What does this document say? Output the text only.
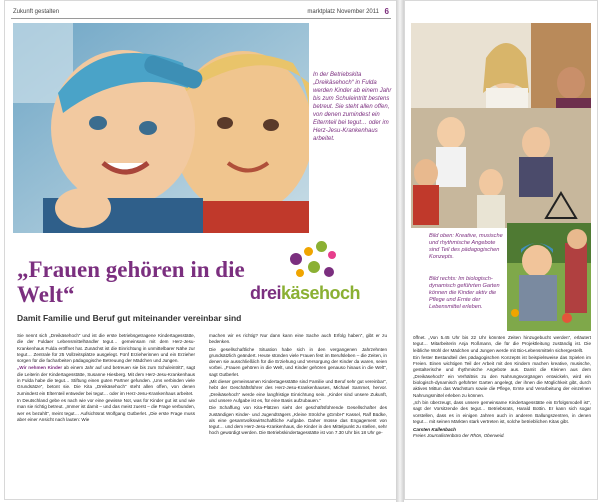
Zukunft gestalten	marktplatz November 2011 6
In der Betriebskita „Dreikäsehoch“ in Fulda werden Kinder ab einem Jahr bis zum Schuleintritt bestens betreut. Sie steht allen offen, von denen zumindest ein Elternteil bei tegut… oder im Herz-Jesu-Krankenhaus arbeitet.
dreikäsehoch
„Frauen gehören in die Welt“
Damit Familie und Beruf gut miteinander vereinbar sind

Sie nennt sich „Dreikäsehoch“ und ist die erste betriebsgetragene Kindertagesstätte, die der Fuldaer Lebensmittelhändler tegut… gemeinsam mit dem Herz-Jesu-Krankenhaus Fulda eröffnet hat. Zunächst ist die Einrichtung in unmittelbarer Nähe zur tegut… Zentrale für 25 Vollzeitsplätze ausgelegt. Fünf Erzieherinnen und ein Erzieher sorgen für die facharbeiten pädagogische Betreuung der Mädchen und Jungen.

„Wir nehmen Kinder ab einem Jahr auf und betreuen sie bis zum Schuleintritt“, sagt die Leiterin der Kindertagesstätte, Susanne Hiesberg. Mit dem Herz-Jesu-Krankenhaus in Fulda habe die tegut… Stiftung einen guten Partner gefunden. „Uns verbinden viele Grundsätze“, betont sie. Die Kita „Dreikäsehoch“ steht allen offen, von denen zumindest ein Elternteil entweder bei tegut… oder im Herz-Jesu-Krankenhaus arbeitet.

In Deutschland gebe es nach wie vor eine gewisse Not, was für Kinder gut ist und wie man sie richtig betreut. „Immer ist damit – und das meist zuerst – die Frage verbunden, wer es bezahlt“, meint tegut… Aufsichtsrat Wolfgang Gutberlet. „Die erste Frage muss aber einer Ansicht nach lauten: Wie

machen wir es richtig? Nur dann kann eine Sache auch Erfolg haben“, gibt er zu bedenken.

Die gesellschaftliche Situation habe sich in den vergangenen Jahrzehnten grundsätzlich geändert. Heute stünden viele Frauen fest im Berufsleben – die Zeiten, in denen sie ausschließlich für die Erziehung und Versorgung der Kinder da waren, seien vorbei. „Frauen gehören in die Welt, und Kinder gehören genauso hinaus in die Welt“, sagt Gutberlet.

„Mit dieser gemeinsamen Kindertagesstätte sind Familie und Beruf sehr gut vereinbar“, hebt der Geschäftsführer des Herz-Jesu-Krankenhauses, Michael Sammet, hervor. „Dreikäsehoch“ werde eine langfristige Einrichtung sein. „Kinder sind unsere Zukunft, und unsere Aufgabe ist es, für eine Basis aufzubauen.“

Die Schaffung von Kita-Plätzen sieht der geschäftsführende Gesellschafter des zuständigen Kinder- und Jugendträgers „Kleine Strolche gGmbH“ Kassel, Ralf Büdke, als eine gesamtvolkswirtschaftliche Aufgabe. Daher müsse das Engagement von tegut… und dem Herz-Jesu-Krankenhaus, die Kinder in den Mittelpunkt zu stellen, sehr hoch gewürdigt werden. Die Betriebskindertagesstätte ist von 7.30 Uhr bis 18 Uhr ge-

Bild oben: Kreative, musische und rhythmische Angebote sind Teil des pädagogischen Konzepts.
Bild rechts: Im biologisch-dynamisch geführten Garten können die Kinder aktiv die Pflege und Ernte der Lebensmittel erleben.

öffnet. „Von 5.45 Uhr bis 22 Uhr könnten Zeiten hinzugebucht werden“, erläutert tegut… Mitarbeiterin Anja Roßmann, die für die Projektleitung zuständig ist. Die leibliche Wohl der Mädchen und Jungen werde mit Bio-Lebensmitteln sichergestellt.

Ein fester Bestandteil des pädagogischen Konzepts ist beispielsweise das Spielen im Freien. Einen wichtigen Teil der Arbeit mit den Kindern machen kreative, musische, gestalterische und rhythmische Angebote aus. Damit die Kleinen aus dem „Dreikäsehoch“ ein Verhältnis zu den Nahrungsvorgängen entwickeln, wird ein biologisch-dynamisch geführter Garten angelegt, der ihnen die Möglichkeit gibt, durch aktives Mittun das Wachstum sowie die Pflege, Ernte und Verarbeitung der einzelnen Nahrungsmittel erleben zu können.

„Ich bin überzeugt, dass unsere gemeinsame Kindertagesstätte ein Erfolgsmodell ist“, sagt der Vorsitzende des tegut… Betriebsrats, Harald Bottin. Er kann sich sogar vorstellen, dass es in einigen Jahren auch in anderen Ballungszentren, in denen tegut… mit seinen Märkten stark vertreten ist, solche betrieblichen Kitas gibt.

Carsten Kallenbach
Freies Journalistenbüro der Rhön, Oberweid.
